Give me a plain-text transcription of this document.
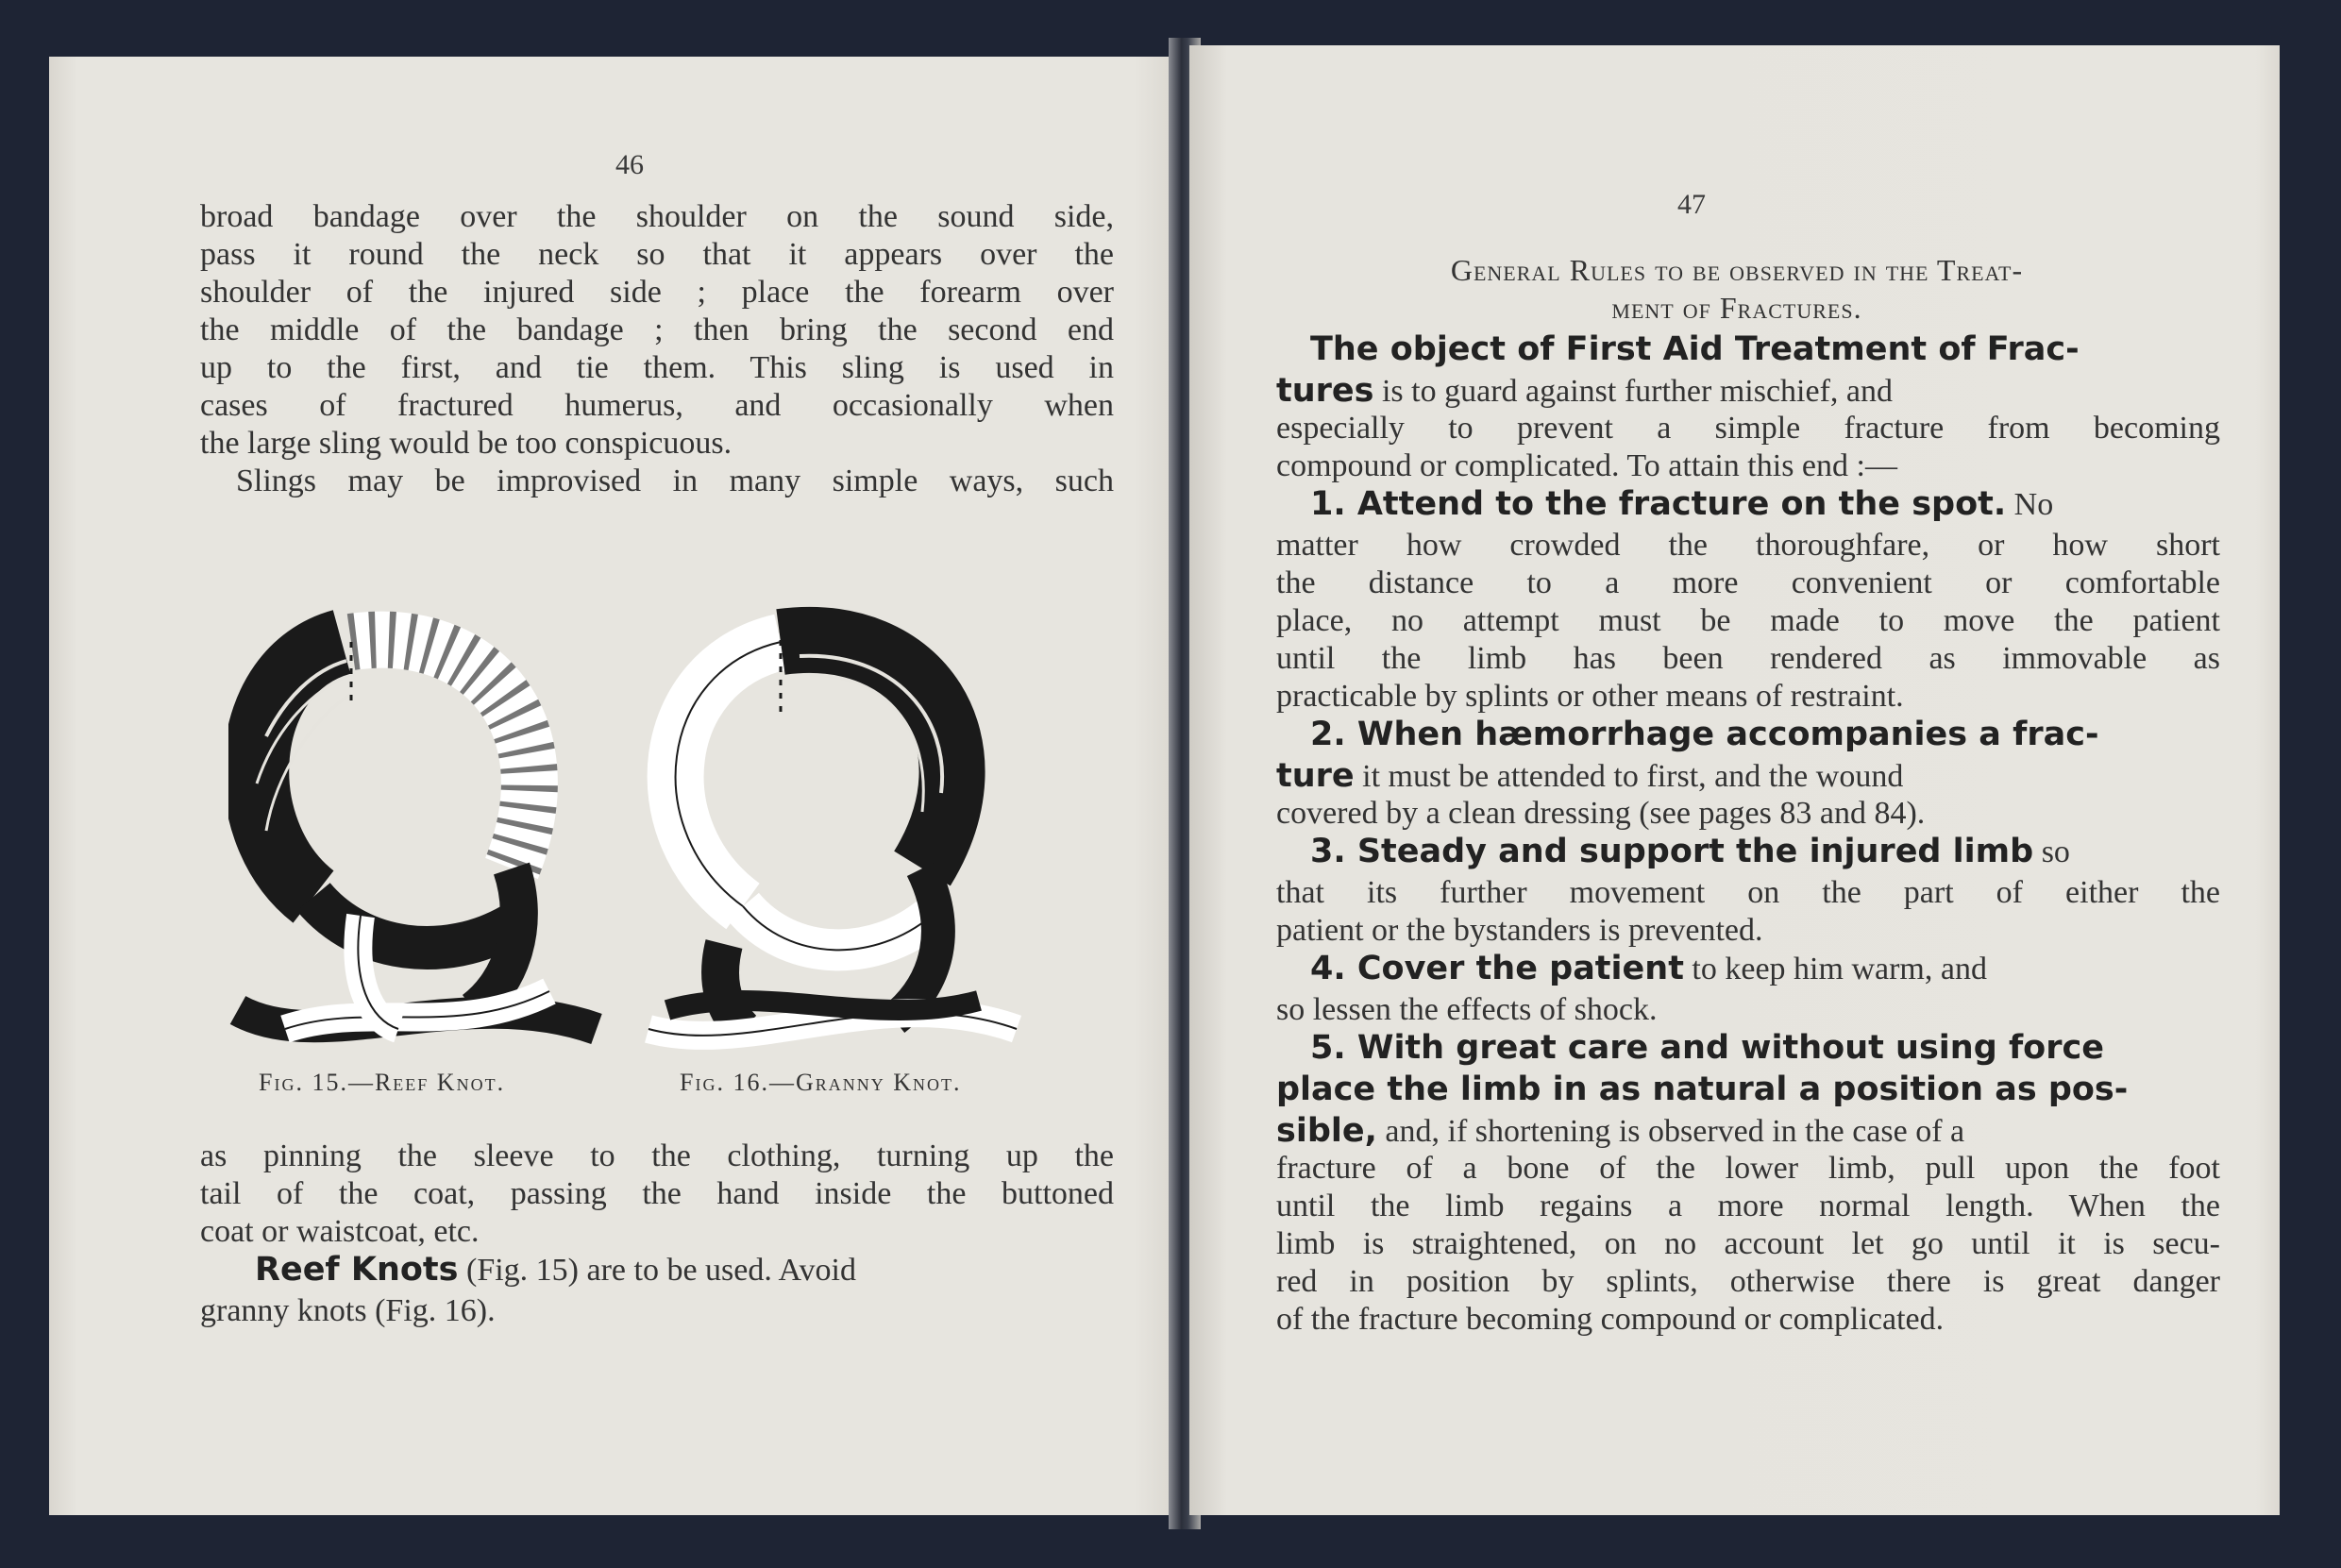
46
broad bandage over the shoulder on the sound side,
pass it round the neck so that it appears over the
shoulder of the injured side ; place the forearm over
the middle of the bandage ; then bring the second end
up to the first, and tie them. This sling is used in
cases of fractured humerus, and occasionally when
the large sling would be too conspicuous.
Slings may be improvised in many simple ways, such
Fig. 15.—Reef Knot.	Fig. 16.—Granny Knot.
as pinning the sleeve to the clothing, turning up the
tail of the coat, passing the hand inside the buttoned
coat or waistcoat, etc.
Reef Knots (Fig. 15) are to be used. Avoid
granny knots (Fig. 16).
47
General Rules to be observed in the Treat-
ment of Fractures.
The object of First Aid Treatment of Frac-
tures is to guard against further mischief, and
especially to prevent a simple fracture from becoming
compound or complicated. To attain this end :—
1. Attend to the fracture on the spot. No
matter how crowded the thoroughfare, or how short
the distance to a more convenient or comfortable
place, no attempt must be made to move the patient
until the limb has been rendered as immovable as
practicable by splints or other means of restraint.
2. When hæmorrhage accompanies a frac-
ture it must be attended to first, and the wound
covered by a clean dressing (see pages 83 and 84).
3. Steady and support the injured limb so
that its further movement on the part of either the
patient or the bystanders is prevented.
4. Cover the patient to keep him warm, and
so lessen the effects of shock.
5. With great care and without using force
place the limb in as natural a position as pos-
sible, and, if shortening is observed in the case of a
fracture of a bone of the lower limb, pull upon the foot
until the limb regains a more normal length. When the
limb is straightened, on no account let go until it is secu-
red in position by splints, otherwise there is great danger
of the fracture becoming compound or complicated.
